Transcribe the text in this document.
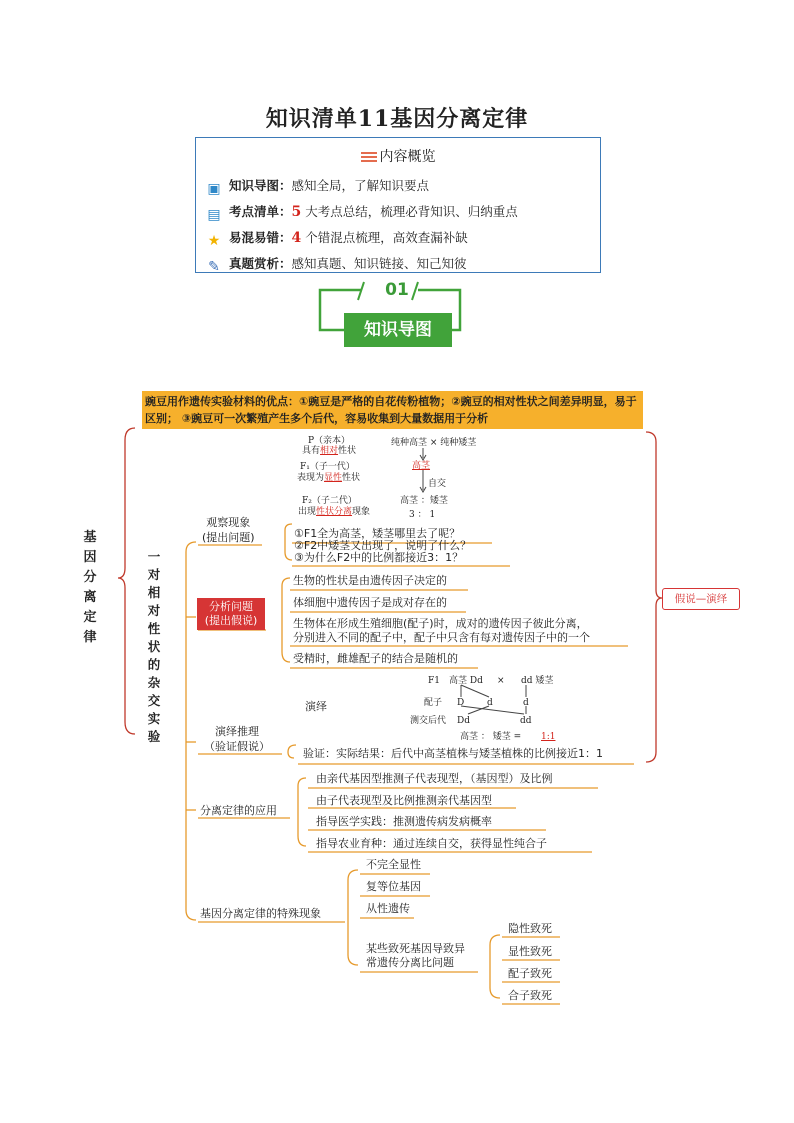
知识清单11基因分离定律
内容概览
▣ 知识导图：感知全局，了解知识要点
▤ 考点清单：5 大考点总结，梳理必背知识、归纳重点
★ 易混易错：4 个错混点梳理，高效查漏补缺
✎ 真题赏析：感知真题、知识链接、知己知彼
01
知识导图
豌豆用作遗传实验材料的优点：①豌豆是严格的自花传粉植物；②豌豆的相对性状之间差异明显，易于区别； ③豌豆可一次繁殖产生多个后代，容易收集到大量数据用于分析
基因分离定律
一对相对性状的杂交实验
假说—演绎
P（亲本）
具有相对性状
纯种高茎 × 纯种矮茎
F₁（子一代）
表现为显性性状
高茎
自交
F₂（子二代）
出现性状分离现象
高茎 ：矮茎
3 ： 1
观察现象
(提出问题)	①F1全为高茎，矮茎哪里去了呢？
②F2中矮茎又出现了，说明了什么？
③为什么F2中的比例都接近3：1？
分析问题
(提出假说)
生物的性状是由遗传因子决定的
体细胞中遗传因子是成对存在的
生物体在形成生殖细胞(配子)时，成对的遗传因子彼此分离，
分别进入不同的配子中，配子中只含有每对遗传因子中的一个
受精时，雌雄配子的结合是随机的
演绎推理
（验证假说）
演绎
F1 高茎 Dd × dd 矮茎
配子 D	d	d
测交后代 Dd	dd
高茎 ： 矮茎 = 1:1
验证：实际结果：后代中高茎植株与矮茎植株的比例接近1：1
分离定律的应用
由亲代基因型推测子代表现型，（基因型）及比例
由子代表现型及比例推测亲代基因型
指导医学实践：推测遗传病发病概率
指导农业育种：通过连续自交，获得显性纯合子
基因分离定律的特殊现象
不完全显性
复等位基因
从性遗传
某些致死基因导致异
常遗传分离比问题
隐性致死
显性致死
配子致死
合子致死
